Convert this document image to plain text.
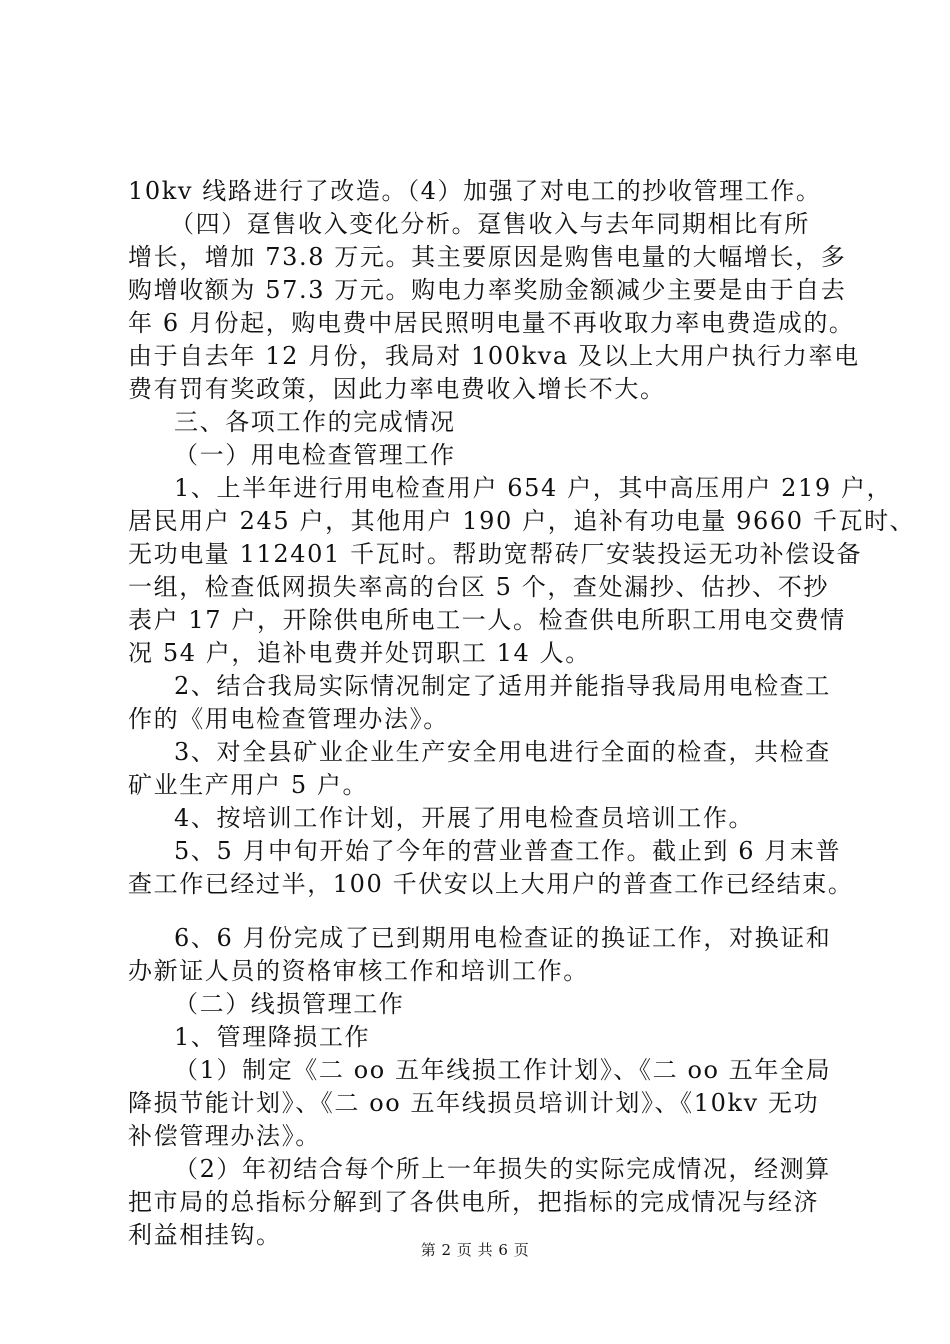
10kv 线路进行了改造。（4）加强了对电工的抄收管理工作。
（四）趸售收入变化分析。趸售收入与去年同期相比有所
增长，增加 73.8 万元。其主要原因是购售电量的大幅增长，多
购增收额为 57.3 万元。购电力率奖励金额减少主要是由于自去
年 6 月份起，购电费中居民照明电量不再收取力率电费造成的。
由于自去年 12 月份，我局对 100kva 及以上大用户执行力率电
费有罚有奖政策，因此力率电费收入增长不大。
三、各项工作的完成情况
（一）用电检查管理工作
1、上半年进行用电检查用户 654 户，其中高压用户 219 户，
居民用户 245 户，其他用户 190 户，追补有功电量 9660 千瓦时、
无功电量 112401 千瓦时。帮助宽帮砖厂安装投运无功补偿设备
一组，检查低网损失率高的台区 5 个，查处漏抄、估抄、不抄
表户 17 户，开除供电所电工一人。检查供电所职工用电交费情
况 54 户，追补电费并处罚职工 14 人。
2、结合我局实际情况制定了适用并能指导我局用电检查工
作的《用电检查管理办法》。
3、对全县矿业企业生产安全用电进行全面的检查，共检查
矿业生产用户 5 户。
4、按培训工作计划，开展了用电检查员培训工作。
5、5 月中旬开始了今年的营业普查工作。截止到 6 月末普
查工作已经过半，100 千伏安以上大用户的普查工作已经结束。
6、6 月份完成了已到期用电检查证的换证工作，对换证和
办新证人员的资格审核工作和培训工作。
（二）线损管理工作
1、管理降损工作
（1）制定《二 oo 五年线损工作计划》、《二 oo 五年全局
降损节能计划》、《二 oo 五年线损员培训计划》、《10kv 无功
补偿管理办法》。
（2）年初结合每个所上一年损失的实际完成情况，经测算
把市局的总指标分解到了各供电所，把指标的完成情况与经济
利益相挂钩。
第 2 页 共 6 页
